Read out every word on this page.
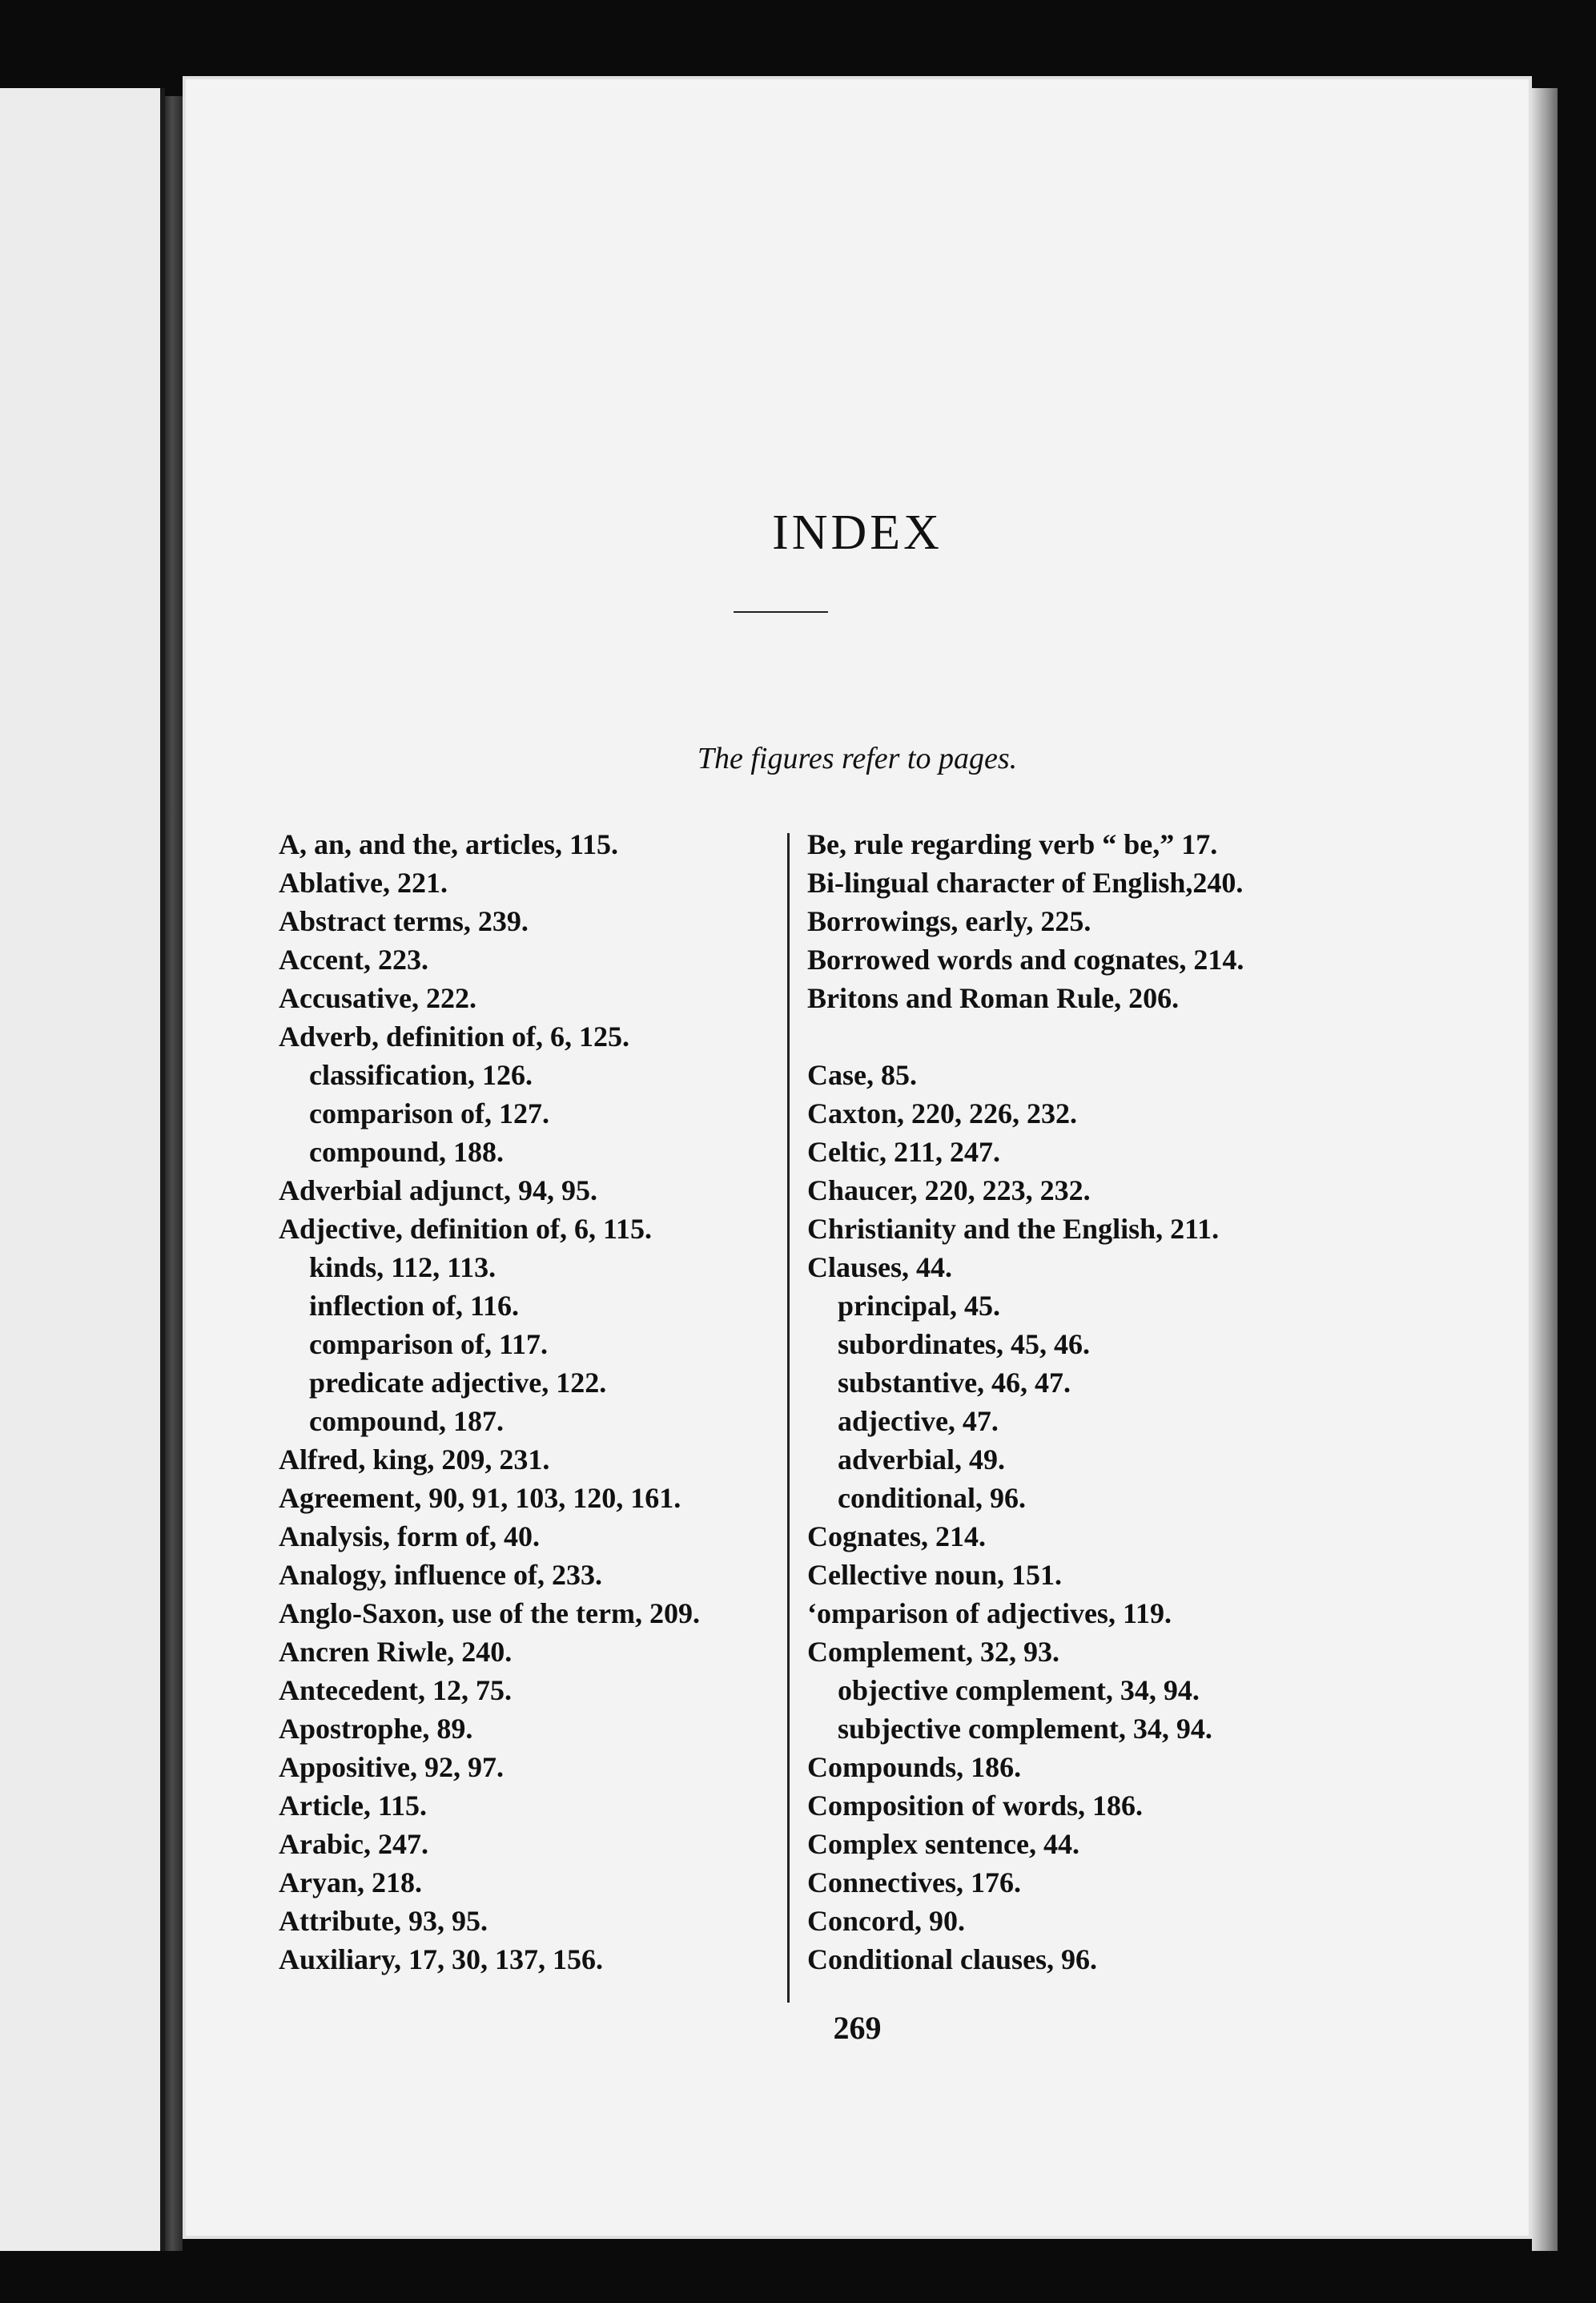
INDEX
The figures refer to pages.
A, an, and the, articles, 115.
Ablative, 221.
Abstract terms, 239.
Accent, 223.
Accusative, 222.
Adverb, definition of, 6, 125.
classification, 126.
comparison of, 127.
compound, 188.
Adverbial adjunct, 94, 95.
Adjective, definition of, 6, 115.
kinds, 112, 113.
inflection of, 116.
comparison of, 117.
predicate adjective, 122.
compound, 187.
Alfred, king, 209, 231.
Agreement, 90, 91, 103, 120, 161.
Analysis, form of, 40.
Analogy, influence of, 233.
Anglo-Saxon, use of the term, 209.
Ancren Riwle, 240.
Antecedent, 12, 75.
Apostrophe, 89.
Appositive, 92, 97.
Article, 115.
Arabic, 247.
Aryan, 218.
Attribute, 93, 95.
Auxiliary, 17, 30, 137, 156.
Be, rule regarding verb “ be,” 17.
Bi-lingual character of English,240.
Borrowings, early, 225.
Borrowed words and cognates, 214.
Britons and Roman Rule, 206.
Case, 85.
Caxton, 220, 226, 232.
Celtic, 211, 247.
Chaucer, 220, 223, 232.
Christianity and the English, 211.
Clauses, 44.
principal, 45.
subordinates, 45, 46.
substantive, 46, 47.
adjective, 47.
adverbial, 49.
conditional, 96.
Cognates, 214.
Cellective noun, 151.
‘omparison of adjectives, 119.
Complement, 32, 93.
objective complement, 34, 94.
subjective complement, 34, 94.
Compounds, 186.
Composition of words, 186.
Complex sentence, 44.
Connectives, 176.
Concord, 90.
Conditional clauses, 96.
269
